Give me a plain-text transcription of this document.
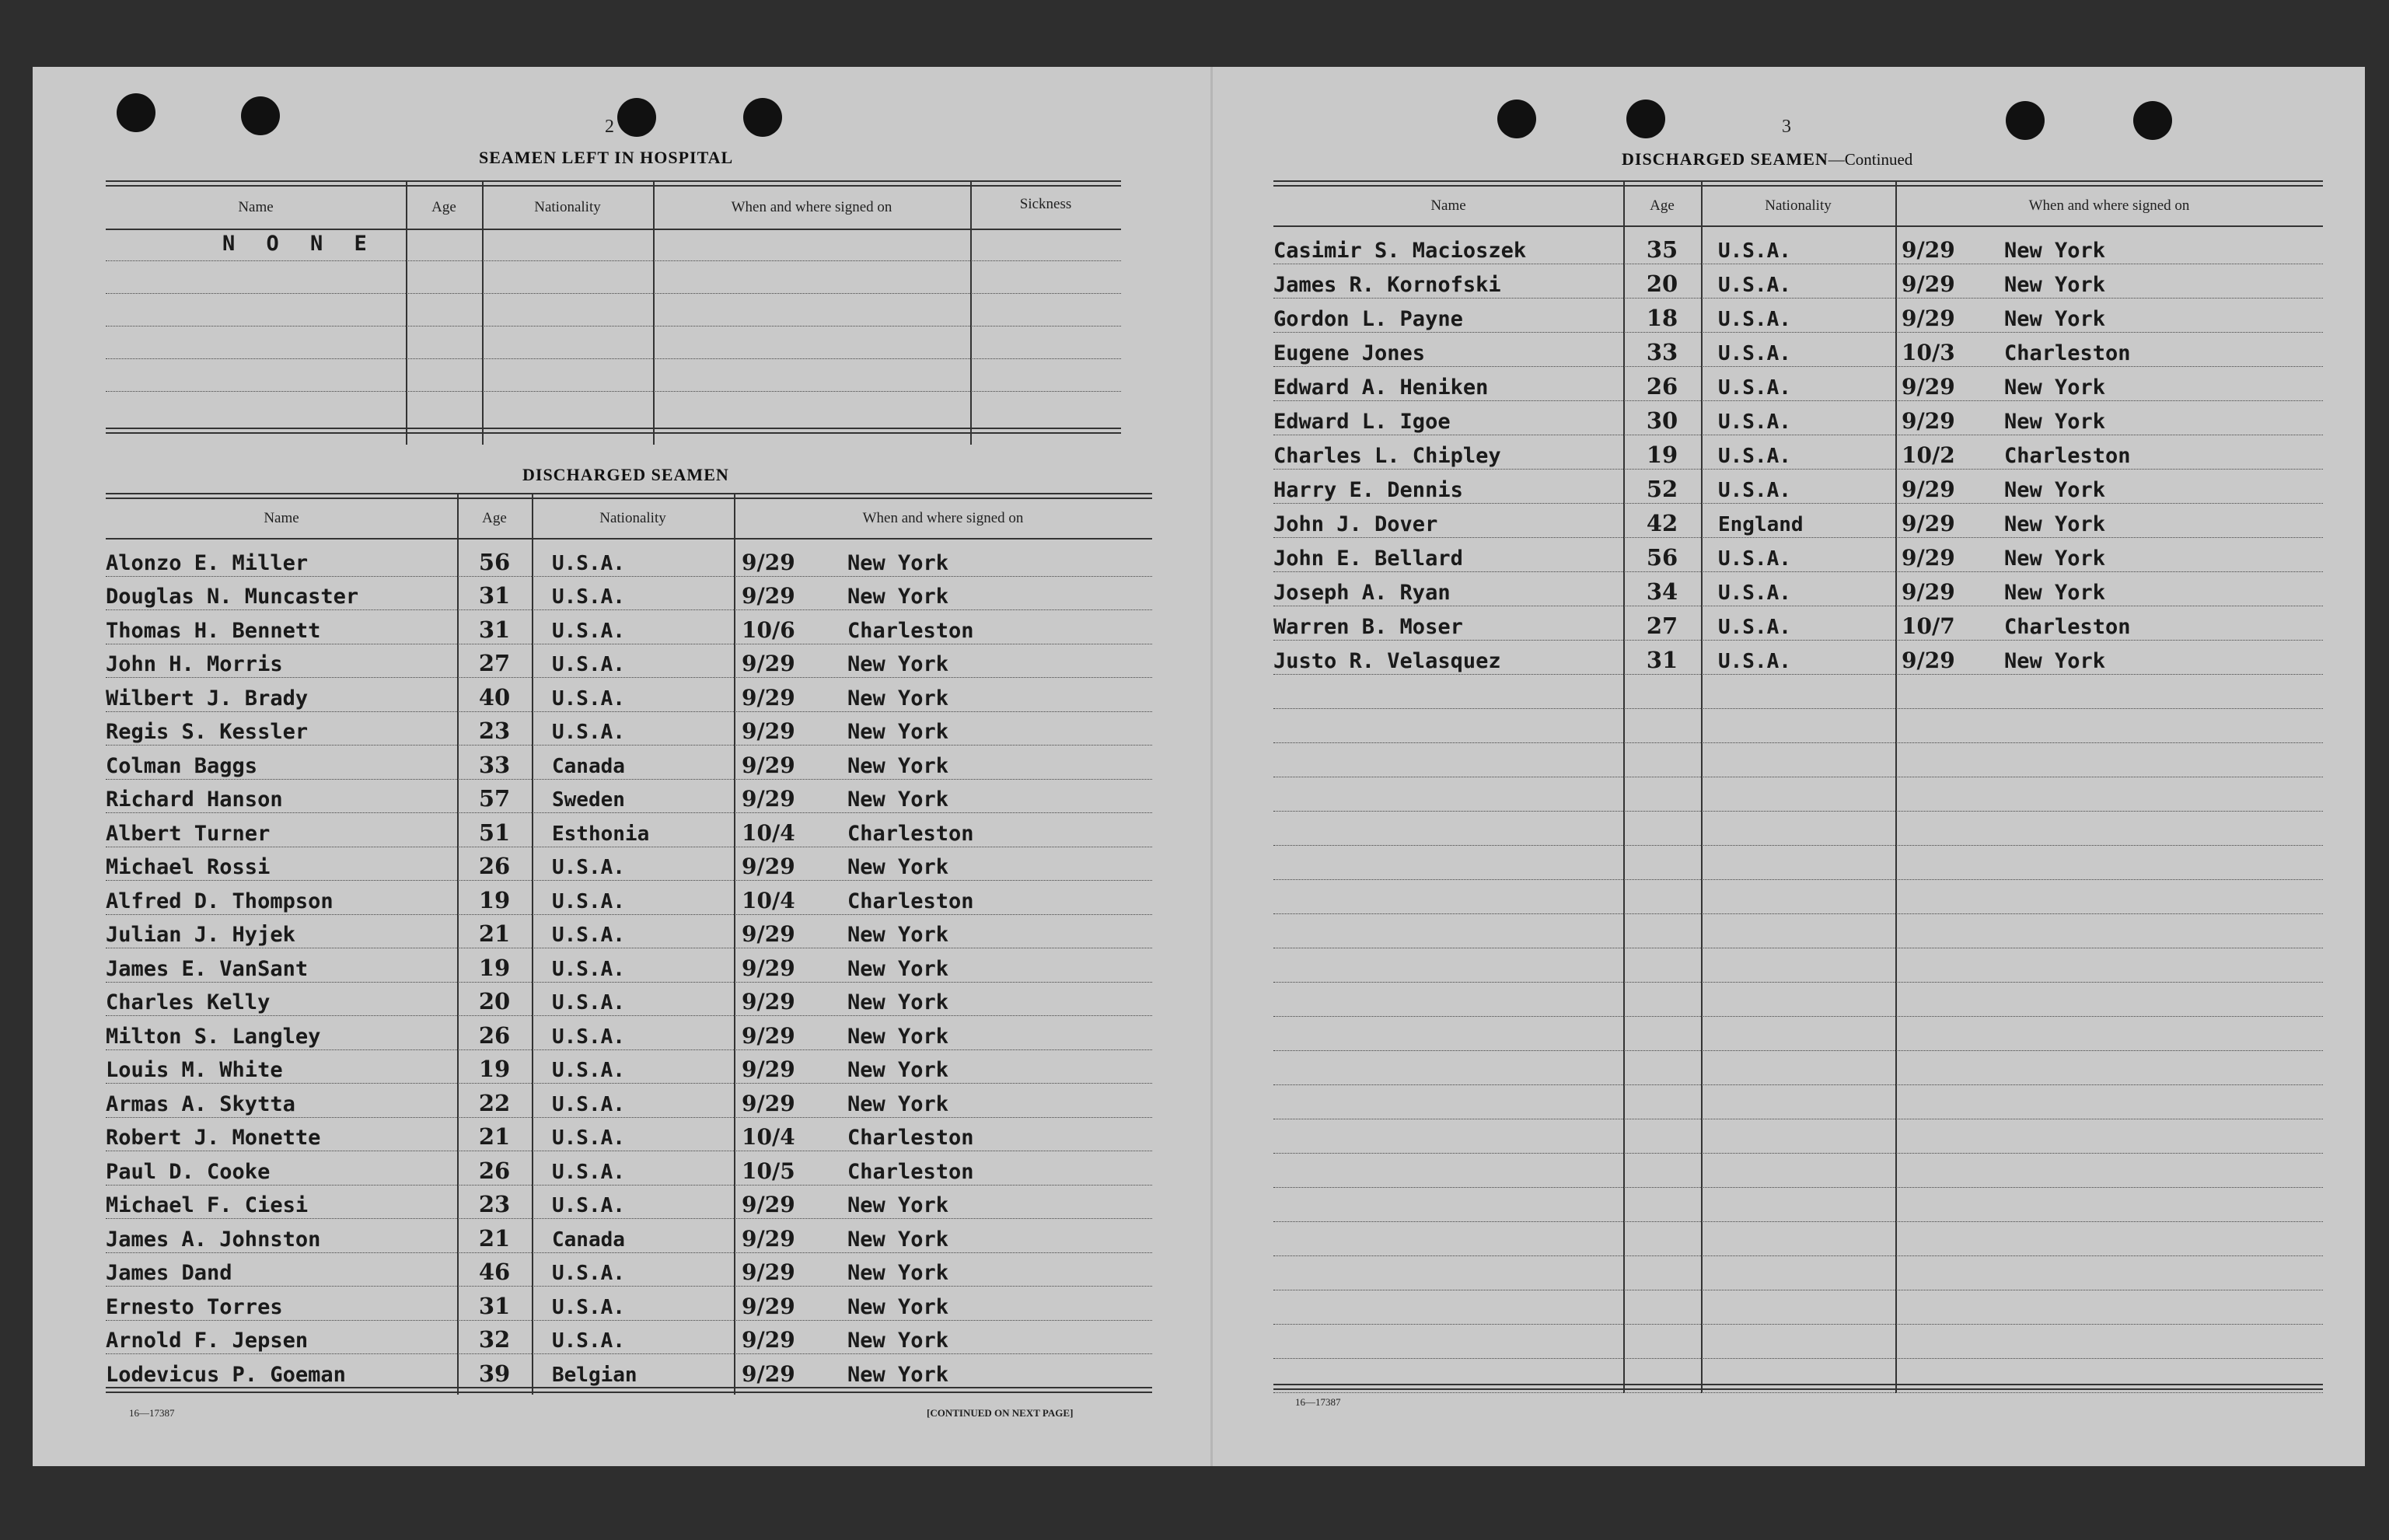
2
SEAMEN LEFT IN HOSPITAL
Name	Age	Nationality	When and where signed on	Sickness
N O N E
DISCHARGED SEAMEN
Name	Age	Nationality	When and where signed on
Alonzo E. Miller	56	U.S.A.	9/29 New York
Douglas N. Muncaster	31	U.S.A.	9/29 New York
Thomas H. Bennett	31	U.S.A.	10/6 Charleston
John H. Morris	27	U.S.A.	9/29 New York
Wilbert J. Brady	40	U.S.A.	9/29 New York
Regis S. Kessler	23	U.S.A.	9/29 New York
Colman Baggs	33	Canada	9/29 New York
Richard Hanson	57	Sweden	9/29 New York
Albert Turner	51	Esthonia	10/4 Charleston
Michael Rossi	26	U.S.A.	9/29 New York
Alfred D. Thompson	19	U.S.A.	10/4 Charleston
Julian J. Hyjek	21	U.S.A.	9/29 New York
James E. VanSant	19	U.S.A.	9/29 New York
Charles Kelly	20	U.S.A.	9/29 New York
Milton S. Langley	26	U.S.A.	9/29 New York
Louis M. White	19	U.S.A.	9/29 New York
Armas A. Skytta	22	U.S.A.	9/29 New York
Robert J. Monette	21	U.S.A.	10/4 Charleston
Paul D. Cooke	26	U.S.A.	10/5 Charleston
Michael F. Ciesi	23	U.S.A.	9/29 New York
James A. Johnston	21	Canada	9/29 New York
James Dand	46	U.S.A.	9/29 New York
Ernesto Torres	31	U.S.A.	9/29 New York
Arnold F. Jepsen	32	U.S.A.	9/29 New York
Lodevicus P. Goeman	39	Belgian	9/29 New York
16—17387	[CONTINUED ON NEXT PAGE]
3
DISCHARGED SEAMEN—Continued
Name	Age	Nationality	When and where signed on
Casimir S. Macioszek	35	U.S.A.	9/29 New York
James R. Kornofski	20	U.S.A.	9/29 New York
Gordon L. Payne	18	U.S.A.	9/29 New York
Eugene Jones	33	U.S.A.	10/3 Charleston
Edward A. Heniken	26	U.S.A.	9/29 New York
Edward L. Igoe	30	U.S.A.	9/29 New York
Charles L. Chipley	19	U.S.A.	10/2 Charleston
Harry E. Dennis	52	U.S.A.	9/29 New York
John J. Dover	42	England	9/29 New York
John E. Bellard	56	U.S.A.	9/29 New York
Joseph A. Ryan	34	U.S.A.	9/29 New York
Warren B. Moser	27	U.S.A.	10/7 Charleston
Justo R. Velasquez	31	U.S.A.	9/29 New York
16—17387
